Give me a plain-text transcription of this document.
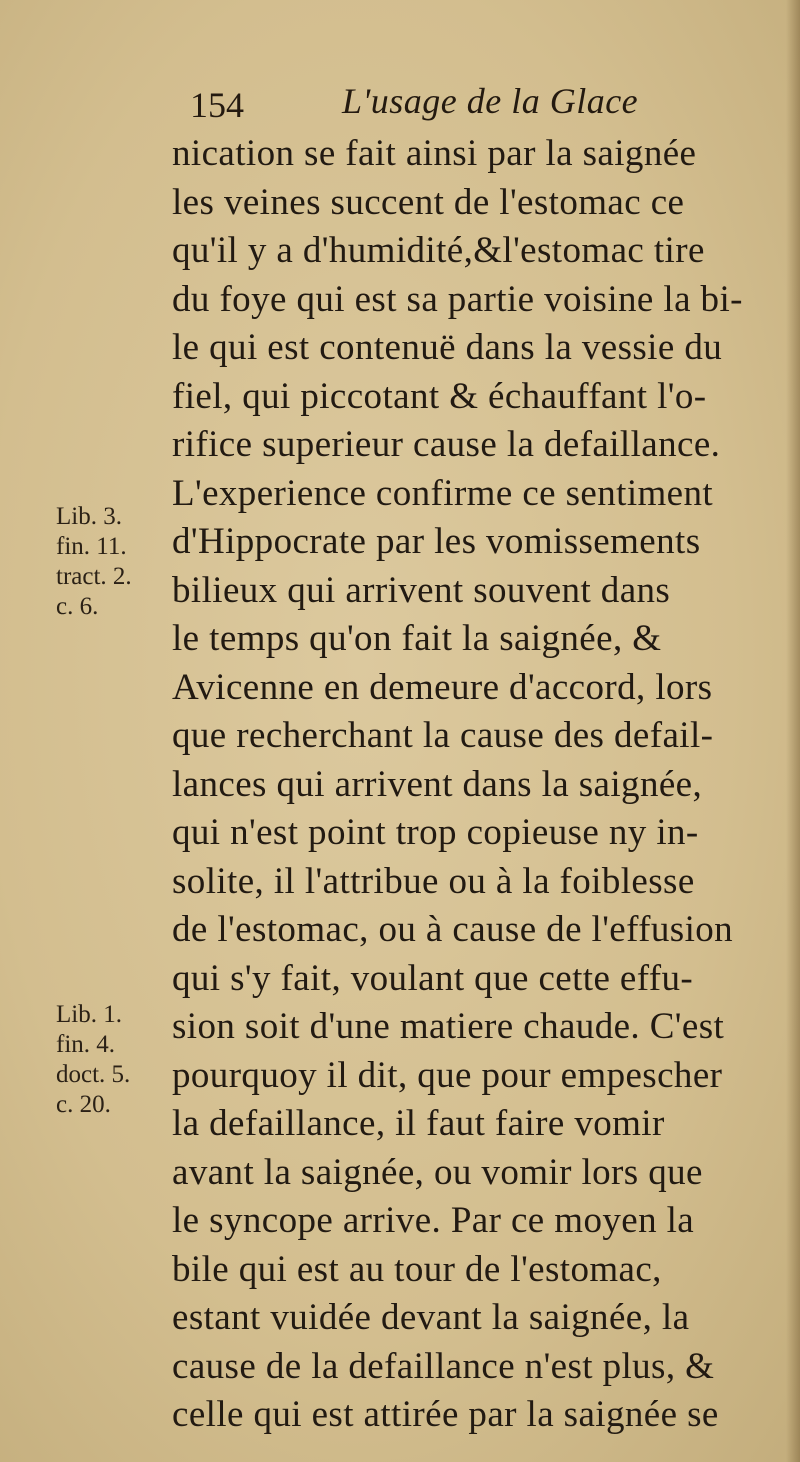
154	L'usage de la Glace
Lib. 3.
fin. 11.
tract. 2.
c. 6.
Lib. 1.
fin. 4.
doct. 5.
c. 20.
nication se fait ainsi par la saignée
les veines succent de l'estomac ce
qu'il y a d'humidité,&l'estomac tire
du foye qui est sa partie voisine la bi-
le qui est contenuë dans la vessie du
fiel, qui piccotant & échauffant l'o-
rifice superieur cause la defaillance.
L'experience confirme ce sentiment
d'Hippocrate par les vomissements
bilieux qui arrivent souvent dans
le temps qu'on fait la saignée, &
Avicenne en demeure d'accord, lors
que recherchant la cause des defail-
lances qui arrivent dans la saignée,
qui n'est point trop copieuse ny in-
solite, il l'attribue ou à la foiblesse
de l'estomac, ou à cause de l'effusion
qui s'y fait, voulant que cette effu-
sion soit d'une matiere chaude. C'est
pourquoy il dit, que pour empescher
la defaillance, il faut faire vomir
avant la saignée, ou vomir lors que
le syncope arrive. Par ce moyen la
bile qui est au tour de l'estomac,
estant vuidée devant la saignée, la
cause de la defaillance n'est plus, &
celle qui est attirée par la saignée se
